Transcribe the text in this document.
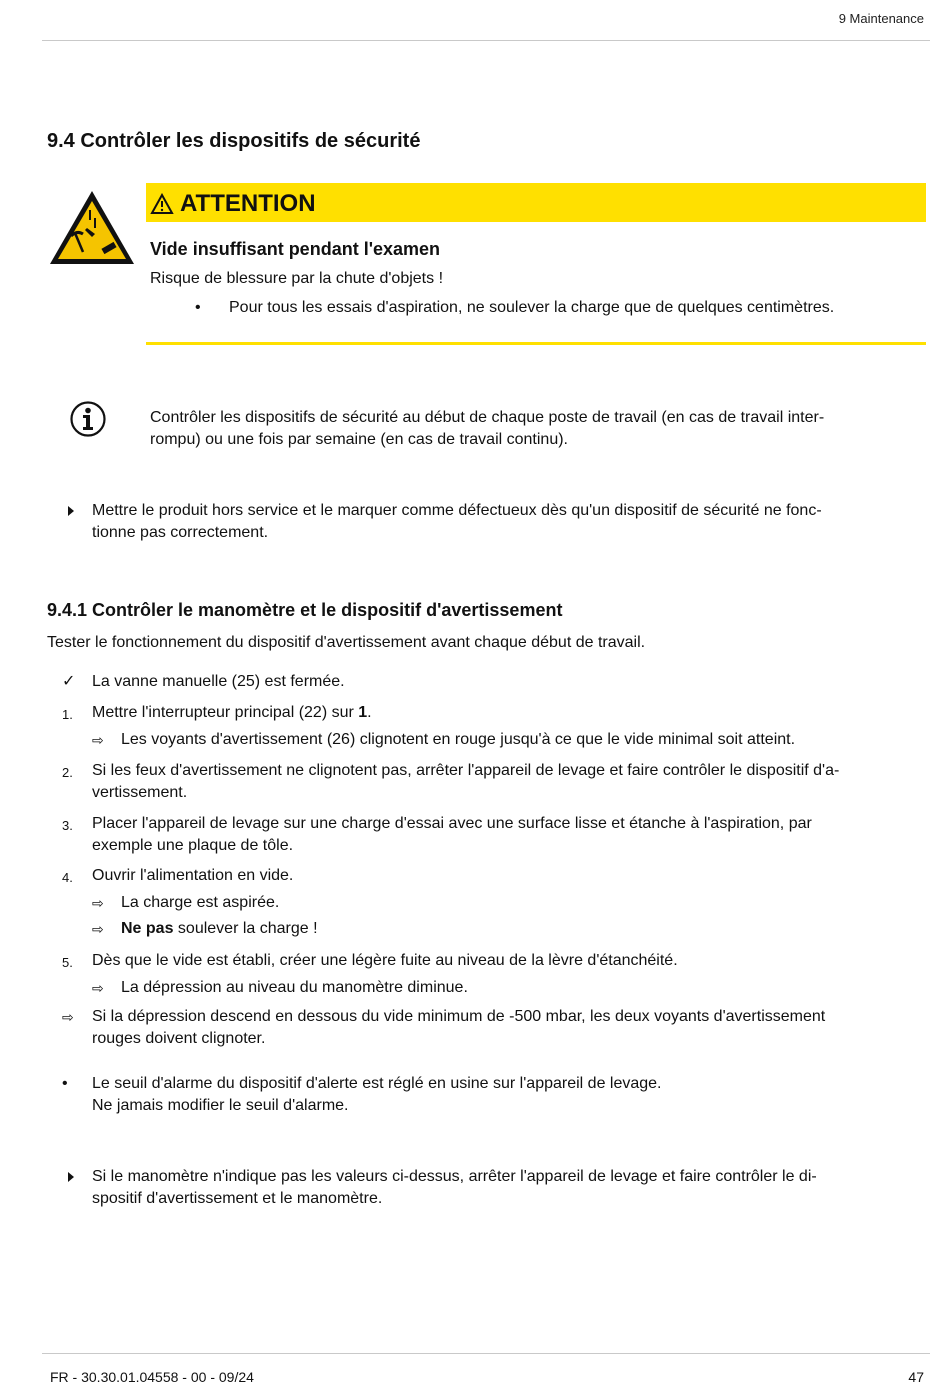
9 Maintenance
9.4 Contrôler les dispositifs de sécurité
ATTENTION
Vide insuffisant pendant l'examen
Risque de blessure par la chute d'objets !
• Pour tous les essais d'aspiration, ne soulever la charge que de quelques centimètres.
Contrôler les dispositifs de sécurité au début de chaque poste de travail (en cas de travail inter-
rompu) ou une fois par semaine (en cas de travail continu).
Mettre le produit hors service et le marquer comme défectueux dès qu'un dispositif de sécurité ne fonc-
tionne pas correctement.
9.4.1 Contrôler le manomètre et le dispositif d'avertissement
Tester le fonctionnement du dispositif d'avertissement avant chaque début de travail.
✓ La vanne manuelle (25) est fermée.
1. Mettre l'interrupteur principal (22) sur 1.
⇨ Les voyants d'avertissement (26) clignotent en rouge jusqu'à ce que le vide minimal soit atteint.
2. Si les feux d'avertissement ne clignotent pas, arrêter l'appareil de levage et faire contrôler le dispositif d'a-
vertissement.
3. Placer l'appareil de levage sur une charge d'essai avec une surface lisse et étanche à l'aspiration, par
exemple une plaque de tôle.
4. Ouvrir l'alimentation en vide.
⇨ La charge est aspirée.
⇨ Ne pas soulever la charge !
5. Dès que le vide est établi, créer une légère fuite au niveau de la lèvre d'étanchéité.
⇨ La dépression au niveau du manomètre diminue.
⇨ Si la dépression descend en dessous du vide minimum de -500 mbar, les deux voyants d'avertissement
rouges doivent clignoter.
• Le seuil d'alarme du dispositif d'alerte est réglé en usine sur l'appareil de levage.
Ne jamais modifier le seuil d'alarme.
Si le manomètre n'indique pas les valeurs ci-dessus, arrêter l'appareil de levage et faire contrôler le di-
spositif d'avertissement et le manomètre.
FR - 30.30.01.04558 - 00 - 09/24	47
